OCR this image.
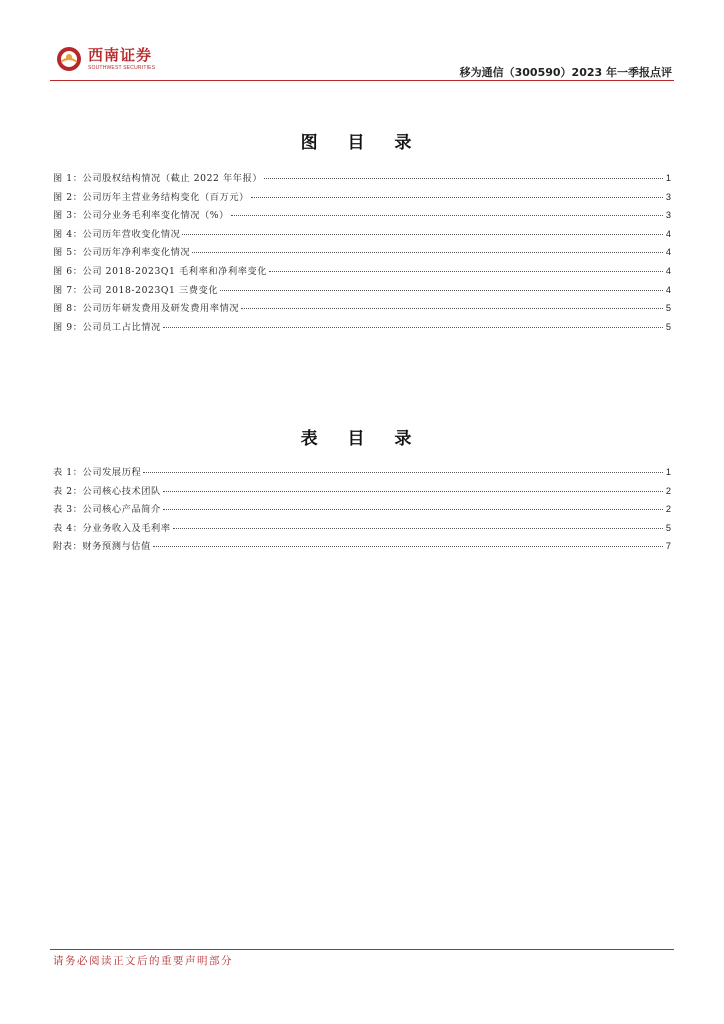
西南证券
SOUTHWEST SECURITIES	移为通信（300590）2023 年一季报点评
图 目 录
图 1：公司股权结构情况（截止 2022 年年报）	1
图 2：公司历年主营业务结构变化（百万元）	3
图 3：公司分业务毛利率变化情况（%）	3
图 4：公司历年营收变化情况	4
图 5：公司历年净利率变化情况	4
图 6：公司 2018-2023Q1 毛利率和净利率变化	4
图 7：公司 2018-2023Q1 三费变化	4
图 8：公司历年研发费用及研发费用率情况	5
图 9：公司员工占比情况	5
表 目 录
表 1：公司发展历程	1
表 2：公司核心技术团队	2
表 3：公司核心产品简介	2
表 4：分业务收入及毛利率	5
附表：财务预测与估值	7
请务必阅读正文后的重要声明部分
